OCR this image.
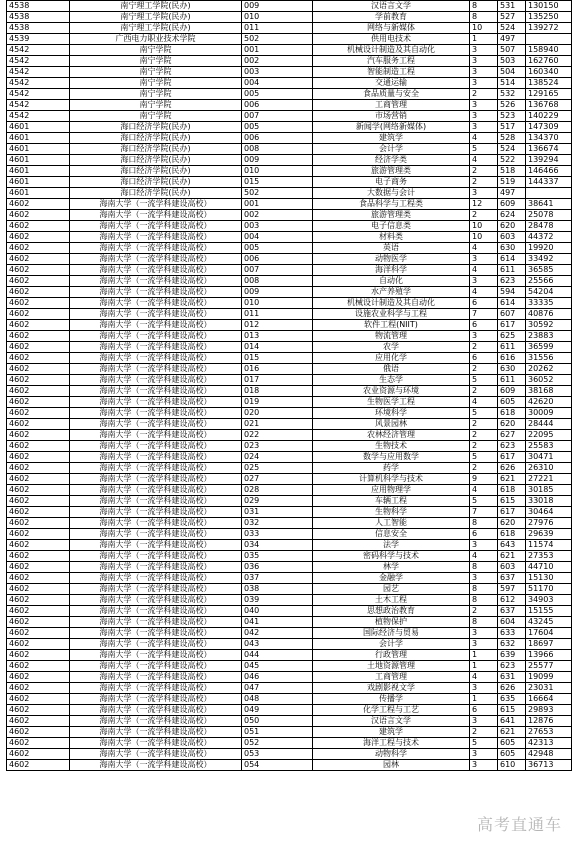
4538	南宁理工学院(民办)	009	汉语言文学	8	531	130150
4538	南宁理工学院(民办)	010	学前教育	8	527	135250
4538	南宁理工学院(民办)	011	网络与新媒体	10	524	139272
4539	广西电力职业技术学院	502	供用电技术	1	497	
4542	南宁学院	001	机械设计制造及其自动化	3	507	158940
4542	南宁学院	002	汽车服务工程	3	503	162760
4542	南宁学院	003	智能制造工程	3	504	160340
4542	南宁学院	004	交通运输	3	514	138524
4542	南宁学院	005	食品质量与安全	2	532	129165
4542	南宁学院	006	工商管理	3	526	136768
4542	南宁学院	007	市场营销	3	523	140229
4601	海口经济学院(民办)	005	新闻学(网络新媒体)	3	517	147309
4601	海口经济学院(民办)	006	建筑学	4	528	134370
4601	海口经济学院(民办)	008	会计学	5	524	136674
4601	海口经济学院(民办)	009	经济学类	4	522	139294
4601	海口经济学院(民办)	010	旅游管理类	2	518	146466
4601	海口经济学院(民办)	015	电子商务	2	519	144337
4601	海口经济学院(民办)	502	大数据与会计	3	497	
4602	海南大学（一流学科建设高校）	001	食品科学与工程类	12	609	38641
4602	海南大学（一流学科建设高校）	002	旅游管理类	2	624	25078
4602	海南大学（一流学科建设高校）	003	电子信息类	10	620	28478
4602	海南大学（一流学科建设高校）	004	材料类	10	603	44372
4602	海南大学（一流学科建设高校）	005	英语	4	630	19920
4602	海南大学（一流学科建设高校）	006	动物医学	3	614	33492
4602	海南大学（一流学科建设高校）	007	海洋科学	4	611	36585
4602	海南大学（一流学科建设高校）	008	自动化	3	623	25566
4602	海南大学（一流学科建设高校）	009	水产养殖学	4	594	54204
4602	海南大学（一流学科建设高校）	010	机械设计制造及其自动化	6	614	33335
4602	海南大学（一流学科建设高校）	011	设施农业科学与工程	7	607	40876
4602	海南大学（一流学科建设高校）	012	软件工程(NIIT)	6	617	30592
4602	海南大学（一流学科建设高校）	013	物流管理	3	625	23883
4602	海南大学（一流学科建设高校）	014	农学	2	611	36599
4602	海南大学（一流学科建设高校）	015	应用化学	6	616	31556
4602	海南大学（一流学科建设高校）	016	俄语	2	630	20262
4602	海南大学（一流学科建设高校）	017	生态学	5	611	36052
4602	海南大学（一流学科建设高校）	018	农业资源与环境	2	609	38168
4602	海南大学（一流学科建设高校）	019	生物医学工程	4	605	42620
4602	海南大学（一流学科建设高校）	020	环境科学	5	618	30009
4602	海南大学（一流学科建设高校）	021	风景园林	2	620	28444
4602	海南大学（一流学科建设高校）	022	农林经济管理	2	627	22095
4602	海南大学（一流学科建设高校）	023	生物技术	2	623	25583
4602	海南大学（一流学科建设高校）	024	数学与应用数学	5	617	30471
4602	海南大学（一流学科建设高校）	025	药学	2	626	26310
4602	海南大学（一流学科建设高校）	027	计算机科学与技术	9	621	27221
4602	海南大学（一流学科建设高校）	028	应用物理学	4	618	30185
4602	海南大学（一流学科建设高校）	029	车辆工程	5	615	33018
4602	海南大学（一流学科建设高校）	031	生物科学	7	617	30464
4602	海南大学（一流学科建设高校）	032	人工智能	8	620	27976
4602	海南大学（一流学科建设高校）	033	信息安全	6	618	29639
4602	海南大学（一流学科建设高校）	034	法学	3	643	11574
4602	海南大学（一流学科建设高校）	035	密码科学与技术	4	621	27353
4602	海南大学（一流学科建设高校）	036	林学	8	603	44710
4602	海南大学（一流学科建设高校）	037	金融学	3	637	15130
4602	海南大学（一流学科建设高校）	038	园艺	8	597	51170
4602	海南大学（一流学科建设高校）	039	土木工程	8	612	34903
4602	海南大学（一流学科建设高校）	040	思想政治教育	2	637	15155
4602	海南大学（一流学科建设高校）	041	植物保护	8	604	43245
4602	海南大学（一流学科建设高校）	042	国际经济与贸易	3	633	17604
4602	海南大学（一流学科建设高校）	043	会计学	3	632	18697
4602	海南大学（一流学科建设高校）	044	行政管理	1	639	13966
4602	海南大学（一流学科建设高校）	045	土地资源管理	1	623	25577
4602	海南大学（一流学科建设高校）	046	工商管理	4	631	19099
4602	海南大学（一流学科建设高校）	047	戏剧影视文学	3	626	23031
4602	海南大学（一流学科建设高校）	048	传播学	1	635	16664
4602	海南大学（一流学科建设高校）	049	化学工程与工艺	6	615	29893
4602	海南大学（一流学科建设高校）	050	汉语言文学	3	641	12876
4602	海南大学（一流学科建设高校）	051	建筑学	2	621	27653
4602	海南大学（一流学科建设高校）	052	海洋工程与技术	5	605	42313
4602	海南大学（一流学科建设高校）	053	动物科学	3	605	42948
4602	海南大学（一流学科建设高校）	054	园林	3	610	36713
高考直通车
